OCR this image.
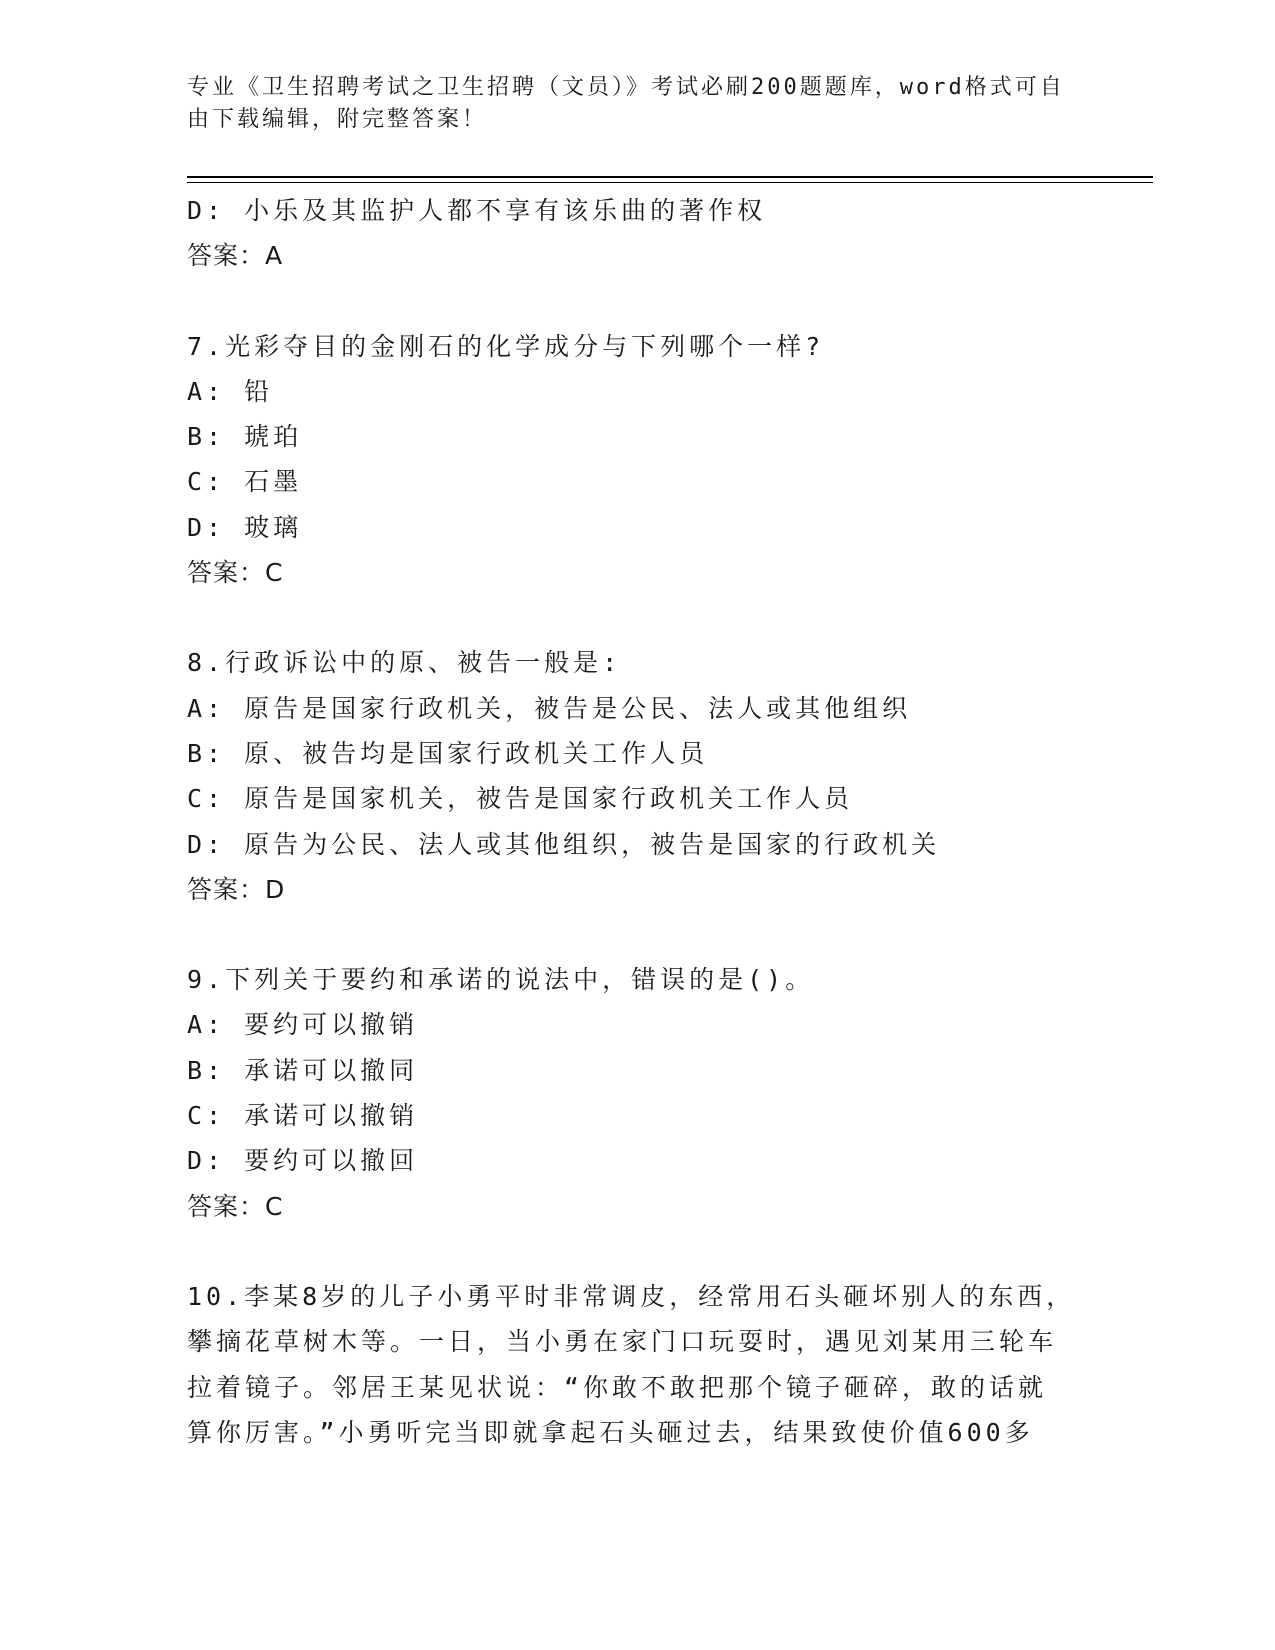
专业《卫生招聘考试之卫生招聘（文员）》考试必刷200题题库，word格式可自
由下载编辑，附完整答案！
D: 小乐及其监护人都不享有该乐曲的著作权
答案：A
7.光彩夺目的金刚石的化学成分与下列哪个一样?
A: 铅
B: 琥珀
C: 石墨
D: 玻璃
答案：C
8.行政诉讼中的原、被告一般是:
A: 原告是国家行政机关，被告是公民、法人或其他组织
B: 原、被告均是国家行政机关工作人员
C: 原告是国家机关，被告是国家行政机关工作人员
D: 原告为公民、法人或其他组织，被告是国家的行政机关
答案：D
9.下列关于要约和承诺的说法中，错误的是()。
A: 要约可以撤销
B: 承诺可以撤同
C: 承诺可以撤销
D: 要约可以撤回
答案：C
10.李某8岁的儿子小勇平时非常调皮，经常用石头砸坏别人的东西，
攀摘花草树木等。一日，当小勇在家门口玩耍时，遇见刘某用三轮车
拉着镜子。邻居王某见状说：“你敢不敢把那个镜子砸碎，敢的话就
算你厉害。”小勇听完当即就拿起石头砸过去，结果致使价值600多
